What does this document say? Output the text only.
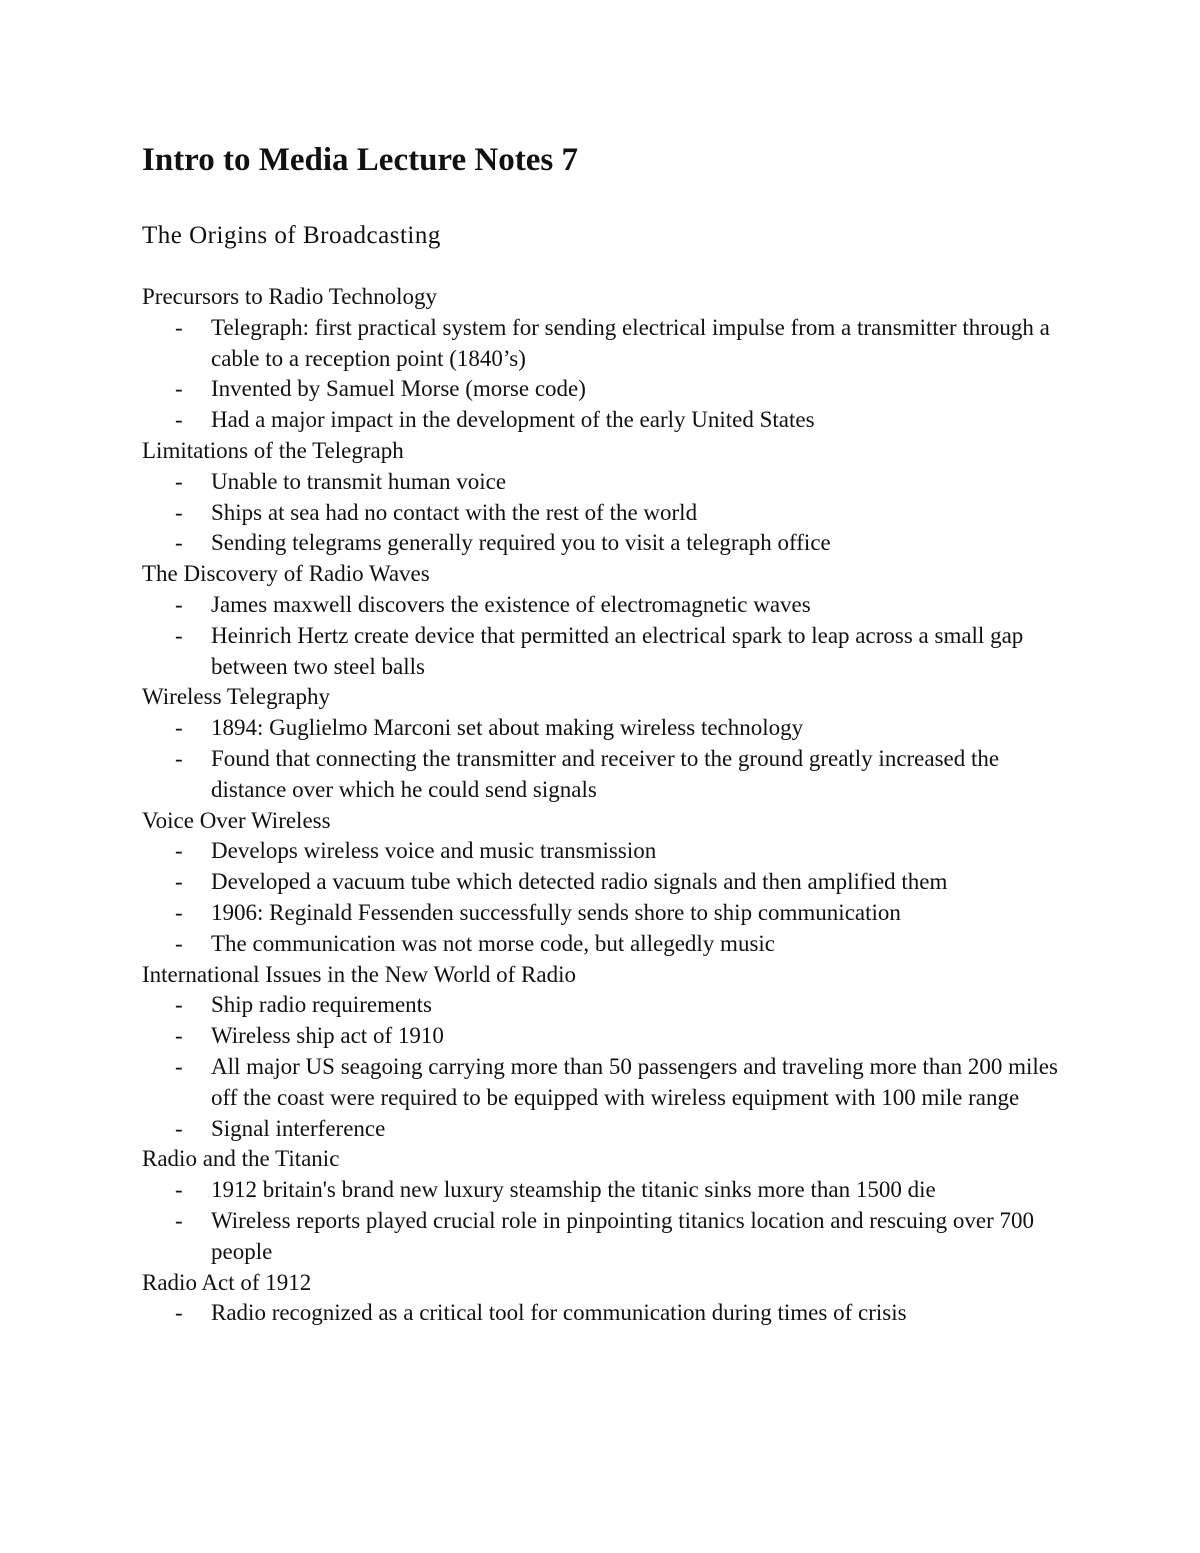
Intro to Media Lecture Notes 7
The Origins of Broadcasting
Precursors to Radio Technology
- Telegraph: first practical system for sending electrical impulse from a transmitter through a cable to a reception point (1840’s)
- Invented by Samuel Morse (morse code)
- Had a major impact in the development of the early United States
Limitations of the Telegraph
- Unable to transmit human voice
- Ships at sea had no contact with the rest of the world
- Sending telegrams generally required you to visit a telegraph office
The Discovery of Radio Waves
- James maxwell discovers the existence of electromagnetic waves
- Heinrich Hertz create device that permitted an electrical spark to leap across a small gap between two steel balls
Wireless Telegraphy
- 1894: Guglielmo Marconi set about making wireless technology
- Found that connecting the transmitter and receiver to the ground greatly increased the distance over which he could send signals
Voice Over Wireless
- Develops wireless voice and music transmission
- Developed a vacuum tube which detected radio signals and then amplified them
- 1906: Reginald Fessenden successfully sends shore to ship communication
- The communication was not morse code, but allegedly music
International Issues in the New World of Radio
- Ship radio requirements
- Wireless ship act of 1910
- All major US seagoing carrying more than 50 passengers and traveling more than 200 miles off the coast were required to be equipped with wireless equipment with 100 mile range
- Signal interference
Radio and the Titanic
- 1912 britain's brand new luxury steamship the titanic sinks more than 1500 die
- Wireless reports played crucial role in pinpointing titanics location and rescuing over 700 people
Radio Act of 1912
- Radio recognized as a critical tool for communication during times of crisis
